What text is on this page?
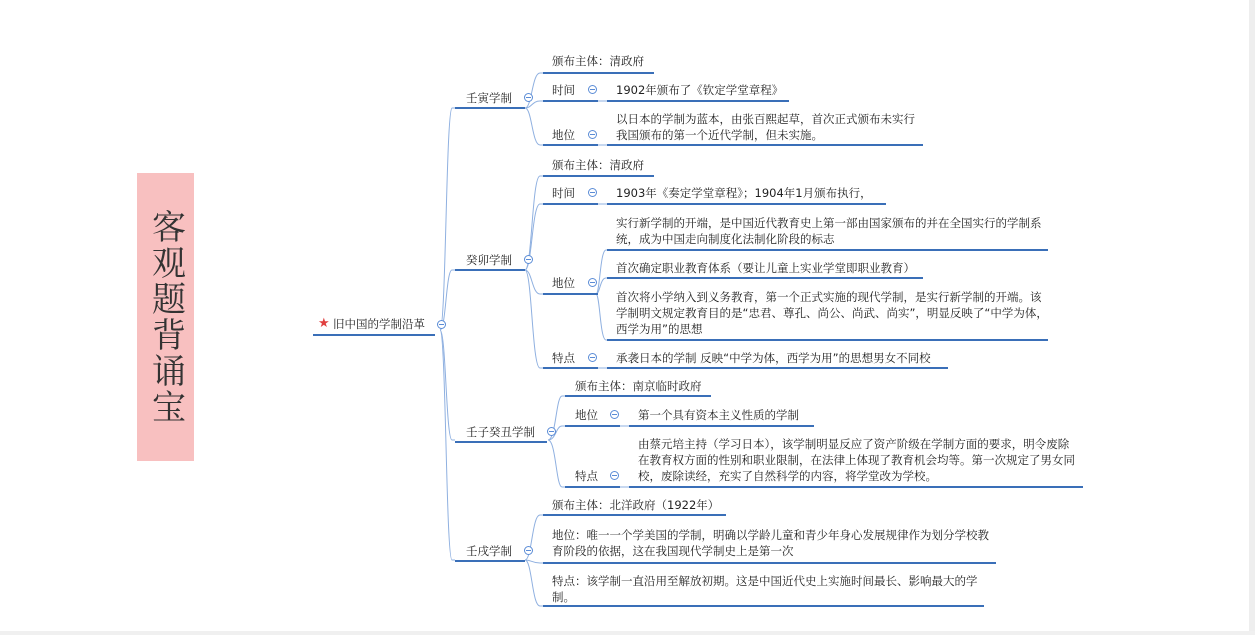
客观题背诵宝	★ 旧中国的学制沿革
壬寅学制
颁布主体：清政府
时间	1902年颁布了《钦定学堂章程》
地位
以日本的学制为蓝本，由张百熙起草，首次正式颁布未实行我国颁布的第一个近代学制，但未实施。
癸卯学制
颁布主体：清政府
时间	1903年《奏定学堂章程》；1904年1月颁布执行，
地位
实行新学制的开端，是中国近代教育史上第一部由国家颁布的并在全国实行的学制系统，成为中国走向制度化法制化阶段的标志
首次确定职业教育体系（要让儿童上实业学堂即职业教育）
首次将小学纳入到义务教育，第一个正式实施的现代学制，是实行新学制的开端。该学制明文规定教育目的是“忠君、尊孔、尚公、尚武、尚实”，明显反映了“中学为体，西学为用”的思想
特点	承袭日本的学制 反映“中学为体，西学为用”的思想男女不同校
壬子癸丑学制
颁布主体：南京临时政府
地位	第一个具有资本主义性质的学制
特点
由蔡元培主持（学习日本），该学制明显反应了资产阶级在学制方面的要求，明令废除在教育权方面的性别和职业限制，在法律上体现了教育机会均等。第一次规定了男女同校，废除读经，充实了自然科学的内容，将学堂改为学校。
壬戌学制
颁布主体：北洋政府（1922年）
地位：唯一一个学美国的学制，明确以学龄儿童和青少年身心发展规律作为划分学校教育阶段的依据，这在我国现代学制史上是第一次
特点：该学制一直沿用至解放初期。这是中国近代史上实施时间最长、影响最大的学制。
